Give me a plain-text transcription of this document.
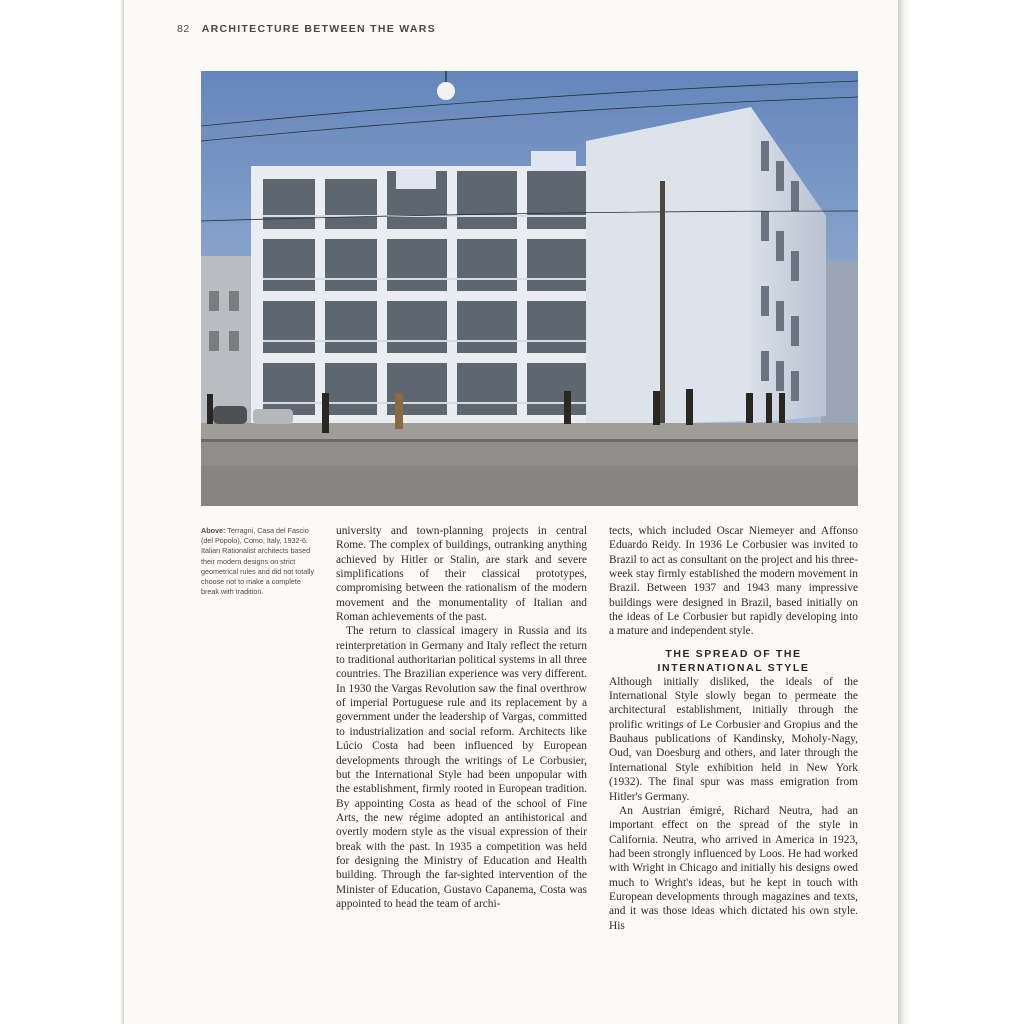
82 ARCHITECTURE BETWEEN THE WARS
Above: Terragni, Casa del Fascio (del Popolo), Como, Italy, 1932-6. Italian Rationalist architects based their modern designs on strict geometrical rules and did not totally choose not to make a complete break with tradition.

university and town-planning projects in central Rome. The complex of buildings, outranking anything achieved by Hitler or Stalin, are stark and severe simplifications of their classical prototypes, compromising between the rationalism of the modern movement and the monumentality of Italian and Roman achievements of the past.

The return to classical imagery in Russia and its reinterpretation in Germany and Italy reflect the return to traditional authoritarian political systems in all three countries. The Brazilian experience was very different. In 1930 the Vargas Revolution saw the final overthrow of imperial Portuguese rule and its replacement by a government under the leadership of Vargas, committed to industrialization and social reform. Architects like Lúcio Costa had been influenced by European developments through the writings of Le Corbusier, but the International Style had been unpopular with the establishment, firmly rooted in European tradition. By appointing Costa as head of the school of Fine Arts, the new régime adopted an antihistorical and overtly modern style as the visual expression of their break with the past. In 1935 a competition was held for designing the Ministry of Education and Health building. Through the far-sighted intervention of the Minister of Education, Gustavo Capanema, Costa was appointed to head the team of archi-

tects, which included Oscar Niemeyer and Affonso Eduardo Reidy. In 1936 Le Corbusier was invited to Brazil to act as consultant on the project and his three-week stay firmly established the modern movement in Brazil. Between 1937 and 1943 many impressive buildings were designed in Brazil, based initially on the ideas of Le Corbusier but rapidly developing into a mature and independent style.

THE SPREAD OF THE
INTERNATIONAL STYLE

Although initially disliked, the ideals of the International Style slowly began to permeate the architectural establishment, initially through the prolific writings of Le Corbusier and Gropius and the Bauhaus publications of Kandinsky, Moholy-Nagy, Oud, van Doesburg and others, and later through the International Style exhibition held in New York (1932). The final spur was mass emigration from Hitler's Germany.

An Austrian émigré, Richard Neutra, had an important effect on the spread of the style in California. Neutra, who arrived in America in 1923, had been strongly influenced by Loos. He had worked with Wright in Chicago and initially his designs owed much to Wright's ideas, but he kept in touch with European developments through magazines and texts, and it was those ideas which dictated his own style. His
